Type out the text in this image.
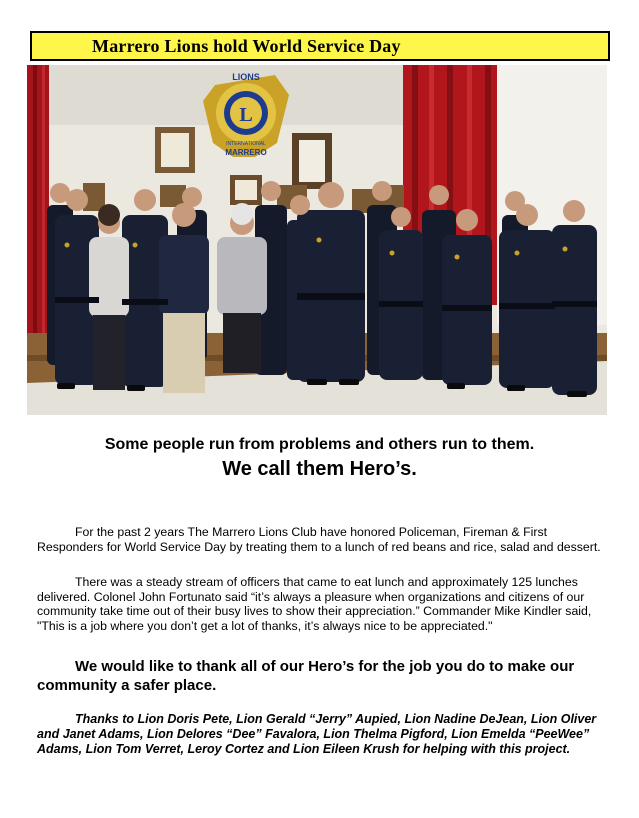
Marrero Lions hold World Service Day
L
LIONS
INTERNATIONAL
MARRERO
Some people run from problems and others run to them.
We call them Hero’s.
For the past 2 years The Marrero Lions Club have honored Policeman, Fireman & First Responders for World Service Day by treating them to a lunch of red beans and rice, salad and dessert.
There was a steady stream of officers that came to eat lunch and approximately 125 lunches delivered. Colonel John Fortunato said “it’s always a pleasure when organizations and citizens of our community take time out of their busy lives to show their appreciation.” Commander Mike Kindler said, "This is a job where you don’t get a lot of thanks, it’s always nice to be appreciated."
We would like to thank all of our Hero’s for the job you do to make our community a safer place.
Thanks to Lion Doris Pete, Lion Gerald “Jerry” Aupied, Lion Nadine DeJean, Lion Oliver and Janet Adams, Lion Delores “Dee” Favalora, Lion Thelma Pigford, Lion Emelda “PeeWee” Adams, Lion Tom Verret, Leroy Cortez and Lion Eileen Krush for helping with this project.
